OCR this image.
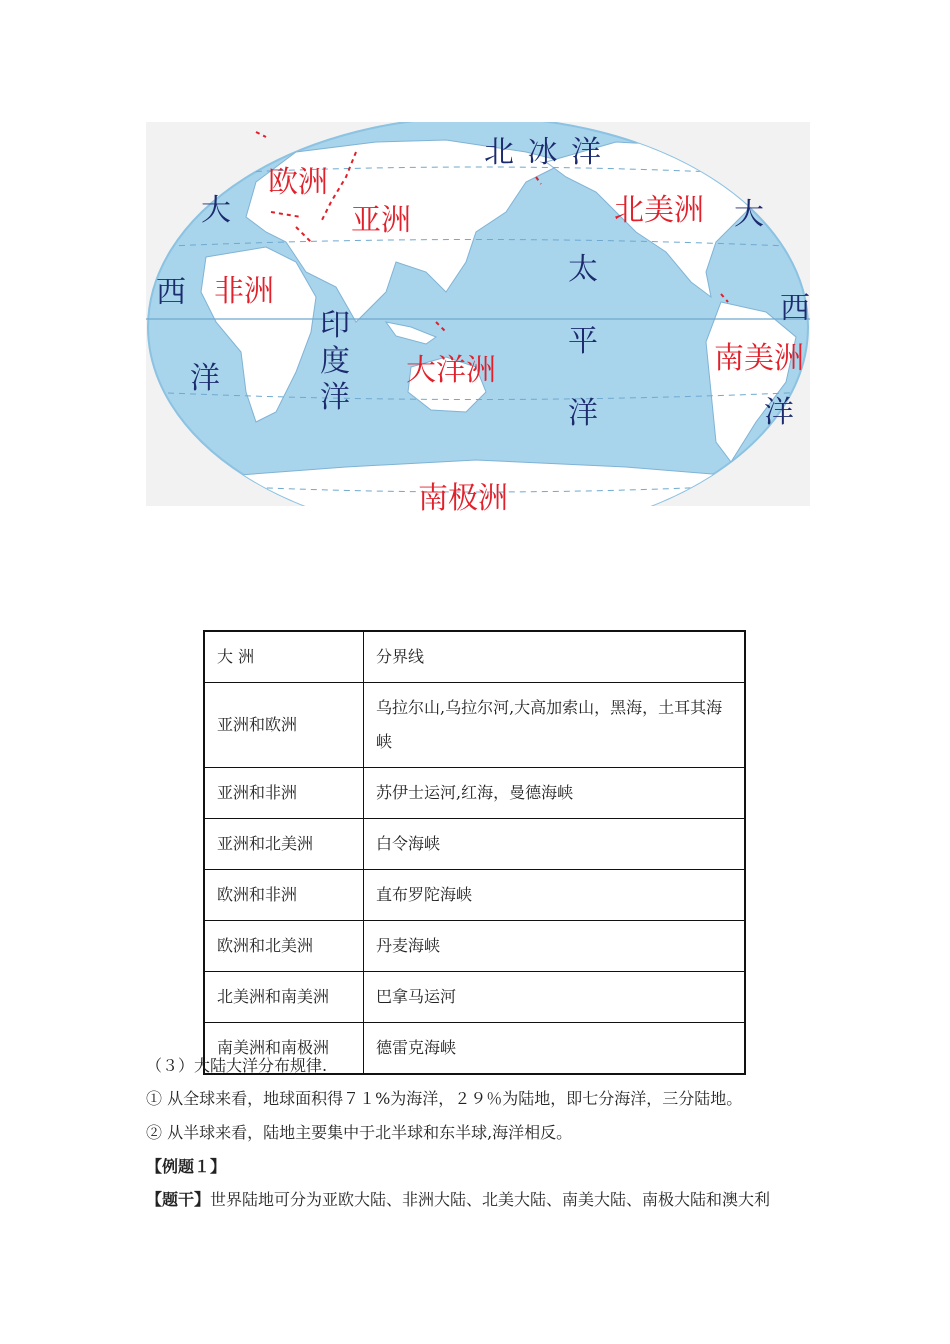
欧洲
亚洲	北美洲
非洲
南美洲
大洋洲
南极洲
北 冰 洋
大
西
洋
大
西
洋
印度洋
太平洋
大 洲	分界线
亚洲和欧洲	乌拉尔山,乌拉尔河,大高加索山，黑海，土耳其海峡
亚洲和非洲	苏伊士运河,红海，曼德海峡
亚洲和北美洲	白令海峡
欧洲和非洲	直布罗陀海峡
欧洲和北美洲	丹麦海峡
北美洲和南美洲	巴拿马运河
南美洲和南极洲	德雷克海峡
（３）大陆大洋分布规律.
① 从全球来看，地球面积得７１%为海洋，２９％为陆地，即七分海洋，三分陆地。
② 从半球来看，陆地主要集中于北半球和东半球,海洋相反。
【例题１】
【题干】世界陆地可分为亚欧大陆、非洲大陆、北美大陆、南美大陆、南极大陆和澳大利
